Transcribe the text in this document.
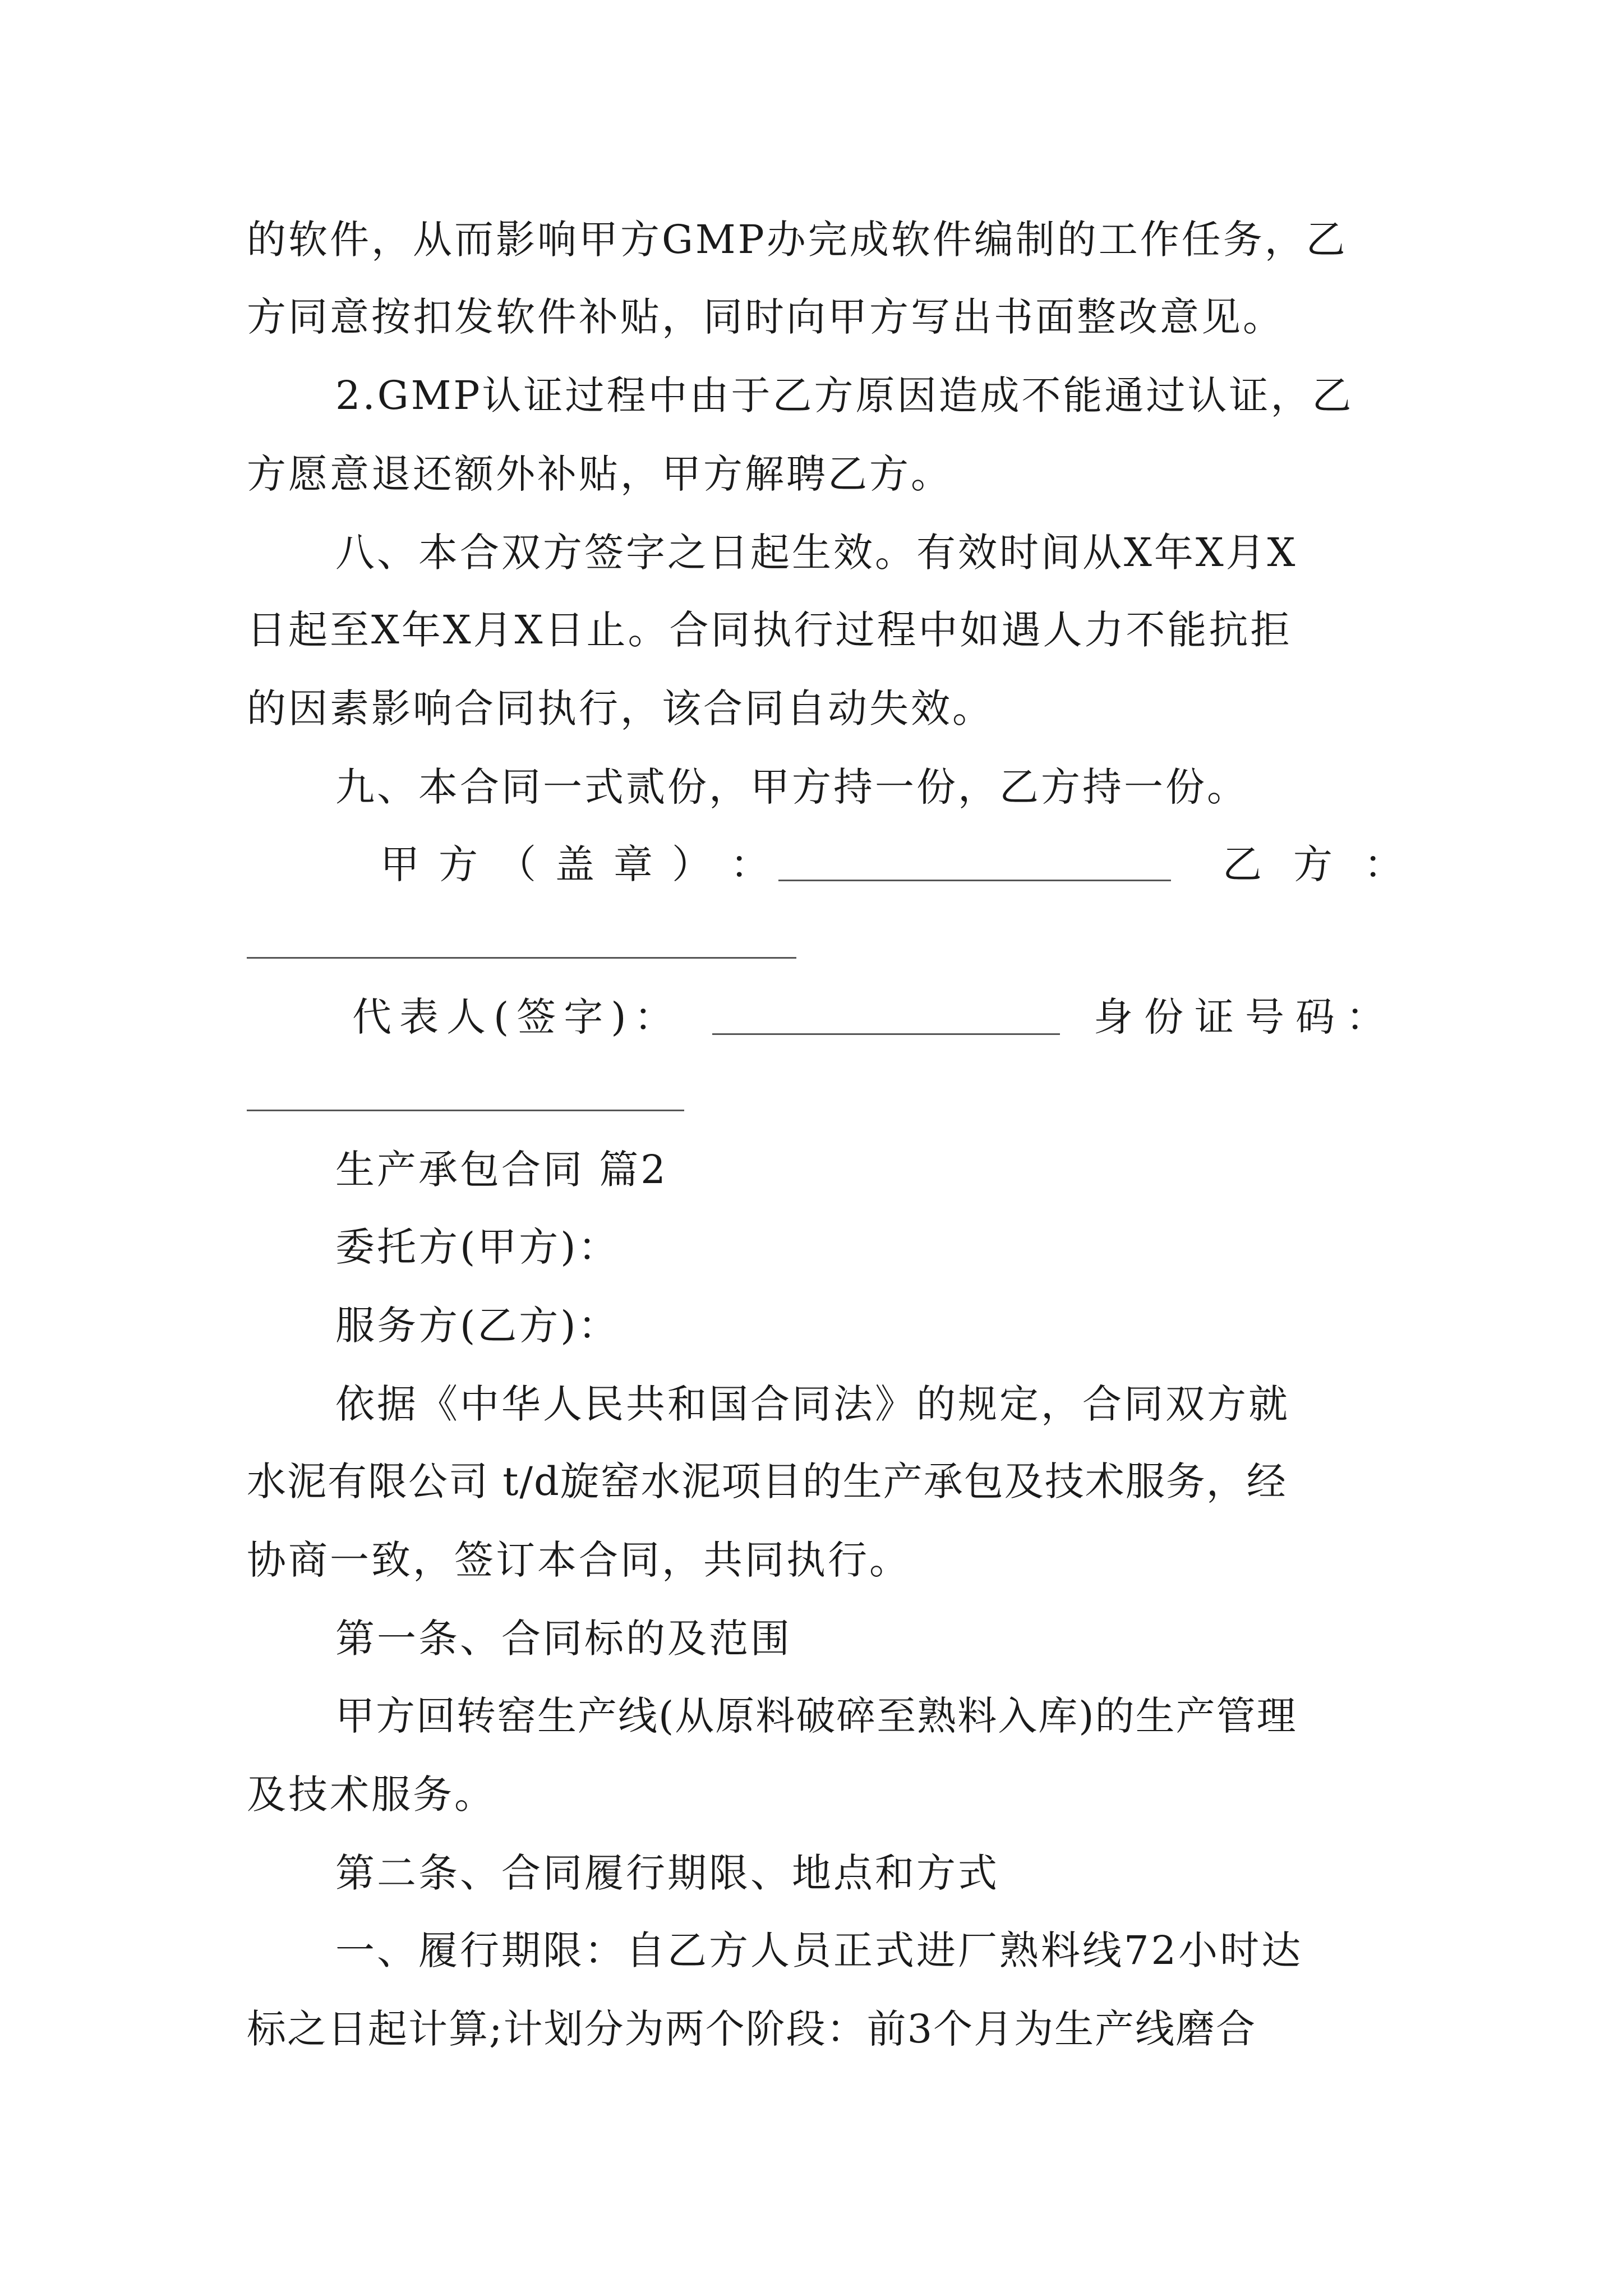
的软件，从而影响甲方GMP办完成软件编制的工作任务，乙
方同意按扣发软件补贴，同时向甲方写出书面整改意见。
2.GMP认证过程中由于乙方原因造成不能通过认证，乙
方愿意退还额外补贴，甲方解聘乙方。
八、本合双方签字之日起生效。有效时间从X年X月X
日起至X年X月X日止。合同执行过程中如遇人力不能抗拒
的因素影响合同执行，该合同自动失效。
九、本合同一式贰份，甲方持一份，乙方持一份。
甲 方 （ 盖 章 ） ：	乙方：
代表人(签字)：	身份证号码：
生产承包合同 篇2
委托方(甲方)：
服务方(乙方)：
依据《中华人民共和国合同法》的规定，合同双方就
水泥有限公司 t/d旋窑水泥项目的生产承包及技术服务，经
协商一致，签订本合同，共同执行。
第一条、合同标的及范围
甲方回转窑生产线(从原料破碎至熟料入库)的生产管理
及技术服务。
第二条、合同履行期限、地点和方式
一、履行期限：自乙方人员正式进厂熟料线72小时达
标之日起计算;计划分为两个阶段：前3个月为生产线磨合
